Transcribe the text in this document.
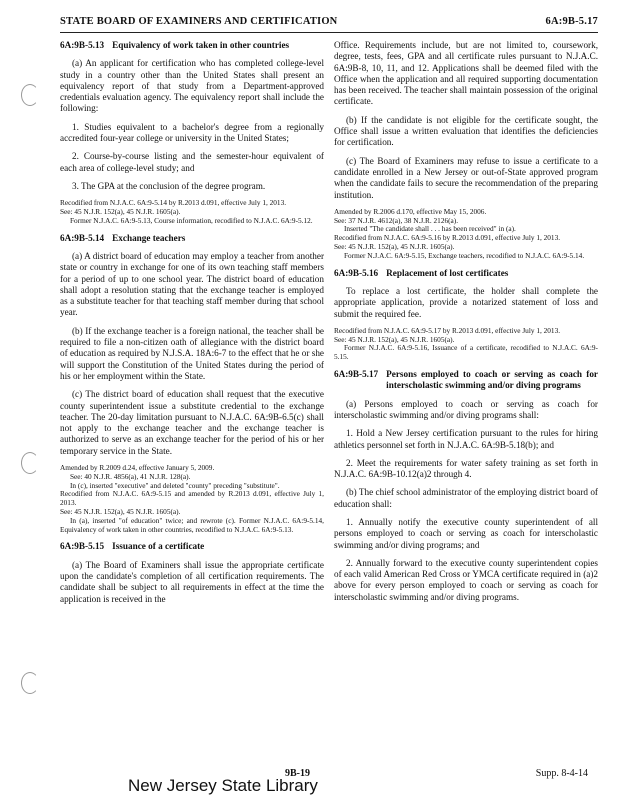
STATE BOARD OF EXAMINERS AND CERTIFICATION	6A:9B-5.17
6A:9B-5.13 Equivalency of work taken in other countries

(a) An applicant for certification who has completed college-level study in a country other than the United States shall present an equivalency report of that study from a Department-approved credentials evaluation agency. The equivalency report shall include the following:

1. Studies equivalent to a bachelor's degree from a regionally accredited four-year college or university in the United States;

2. Course-by-course listing and the semester-hour equivalent of each area of college-level study; and

3. The GPA at the conclusion of the degree program.

Recodified from N.J.A.C. 6A:9-5.14 by R.2013 d.091, effective July 1, 2013.
See: 45 N.J.R. 152(a), 45 N.J.R. 1605(a).
Former N.J.A.C. 6A:9-5.13, Course information, recodified to N.J.A.C. 6A:9-5.12.
6A:9B-5.14 Exchange teachers

(a) A district board of education may employ a teacher from another state or country in exchange for one of its own teaching staff members for a period of up to one school year. The district board of education shall adopt a resolution stating that the exchange teacher is employed as a substitute teacher for that teaching staff member during that school year.

(b) If the exchange teacher is a foreign national, the teacher shall be required to file a non-citizen oath of allegiance with the district board of education as required by N.J.S.A. 18A:6-7 to the effect that he or she will support the Constitution of the United States during the period of his or her employment within the State.

(c) The district board of education shall request that the executive county superintendent issue a substitute credential to the exchange teacher. The 20-day limitation pursuant to N.J.A.C. 6A:9B-6.5(c) shall not apply to the exchange teacher and the exchange teacher is authorized to serve as an exchange teacher for the period of his or her temporary service in the State.

Amended by R.2009 d.24, effective January 5, 2009.
See: 40 N.J.R. 4856(a), 41 N.J.R. 128(a).
In (c), inserted "executive" and deleted "county" preceding "substitute".
Recodified from N.J.A.C. 6A:9-5.15 and amended by R.2013 d.091, effective July 1, 2013.
See: 45 N.J.R. 152(a), 45 N.J.R. 1605(a).
In (a), inserted "of education" twice; and rewrote (c). Former N.J.A.C. 6A:9-5.14, Equivalency of work taken in other countries, recodified to N.J.A.C. 6A:9-5.13.
6A:9B-5.15 Issuance of a certificate

(a) The Board of Examiners shall issue the appropriate certificate upon the candidate's completion of all certification requirements. The candidate shall be subject to all requirements in effect at the time the application is received in the

Office. Requirements include, but are not limited to, coursework, degree, tests, fees, GPA and all certificate rules pursuant to N.J.A.C. 6A:9B-8, 10, 11, and 12. Applications shall be deemed filed with the Office when the application and all required supporting documentation has been received. The teacher shall maintain possession of the original certificate.

(b) If the candidate is not eligible for the certificate sought, the Office shall issue a written evaluation that identifies the deficiencies for certification.

(c) The Board of Examiners may refuse to issue a certificate to a candidate enrolled in a New Jersey or out-of-State approved program when the candidate fails to secure the recommendation of the preparing institution.

Amended by R.2006 d.170, effective May 15, 2006.
See: 37 N.J.R. 4612(a), 38 N.J.R. 2126(a).
Inserted "The candidate shall . . . has been received" in (a).
Recodified from N.J.A.C. 6A:9-5.16 by R.2013 d.091, effective July 1, 2013.
See: 45 N.J.R. 152(a), 45 N.J.R. 1605(a).
Former N.J.A.C. 6A:9-5.15, Exchange teachers, recodified to N.J.A.C. 6A:9-5.14.
6A:9B-5.16 Replacement of lost certificates

To replace a lost certificate, the holder shall complete the appropriate application, provide a notarized statement of loss and submit the required fee.

Recodified from N.J.A.C. 6A:9-5.17 by R.2013 d.091, effective July 1, 2013.
See: 45 N.J.R. 152(a), 45 N.J.R. 1605(a).
Former N.J.A.C. 6A:9-5.16, Issuance of a certificate, recodified to N.J.A.C. 6A:9-5.15.
6A:9B-5.17 Persons employed to coach or serving as coach for interscholastic swimming and/or diving programs

(a) Persons employed to coach or serving as coach for interscholastic swimming and/or diving programs shall:

1. Hold a New Jersey certification pursuant to the rules for hiring athletics personnel set forth in N.J.A.C. 6A:9B-5.18(b); and

2. Meet the requirements for water safety training as set forth in N.J.A.C. 6A:9B-10.12(a)2 through 4.

(b) The chief school administrator of the employing district board of education shall:

1. Annually notify the executive county superintendent of all persons employed to coach or serving as coach for interscholastic swimming and/or diving programs; and

2. Annually forward to the executive county superintendent copies of each valid American Red Cross or YMCA certificate required in (a)2 above for every person employed to coach or serving as coach for interscholastic swimming and/or diving programs.

9B-19	Supp. 8-4-14
New Jersey State Library
